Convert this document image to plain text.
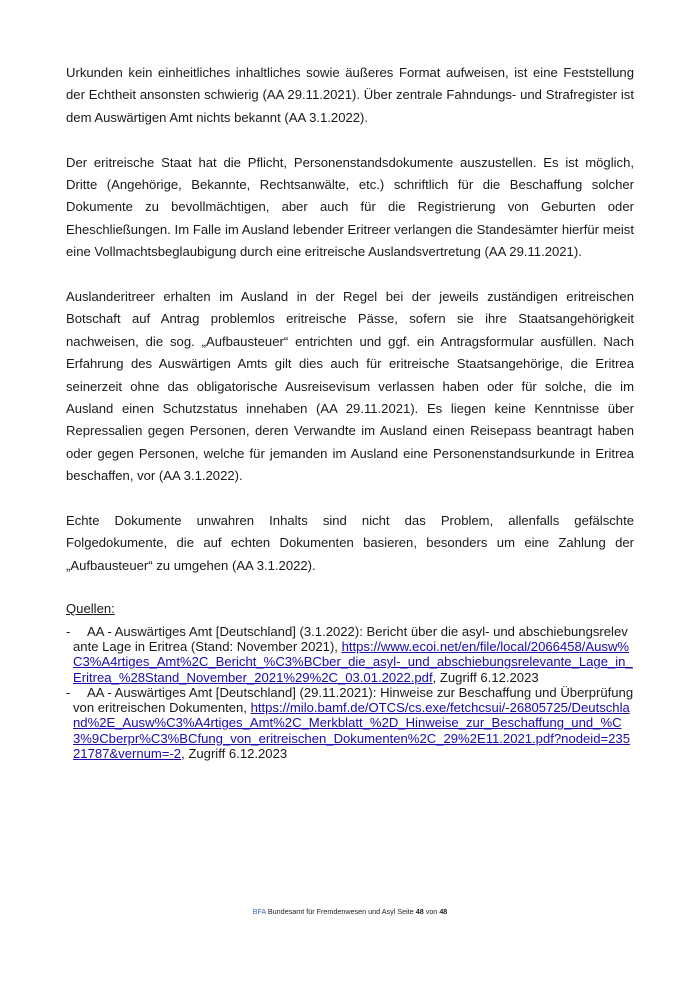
Urkunden kein einheitliches inhaltliches sowie äußeres Format aufweisen, ist eine Feststellung der Echtheit ansonsten schwierig (AA 29.11.2021). Über zentrale Fahndungs- und Strafregister ist dem Auswärtigen Amt nichts bekannt (AA 3.1.2022).

Der eritreische Staat hat die Pflicht, Personenstandsdokumente auszustellen. Es ist möglich, Dritte (Angehörige, Bekannte, Rechtsanwälte, etc.) schriftlich für die Beschaffung solcher Dokumente zu bevollmächtigen, aber auch für die Registrierung von Geburten oder Eheschließungen. Im Falle im Ausland lebender Eritreer verlangen die Standesämter hierfür meist eine Vollmachtsbeglaubigung durch eine eritreische Auslandsvertretung (AA 29.11.2021).

Auslanderitreer erhalten im Ausland in der Regel bei der jeweils zuständigen eritreischen Botschaft auf Antrag problemlos eritreische Pässe, sofern sie ihre Staatsangehörigkeit nachweisen, die sog. „Aufbausteuer“ entrichten und ggf. ein Antragsformular ausfüllen. Nach Erfahrung des Auswärtigen Amts gilt dies auch für eritreische Staatsangehörige, die Eritrea seinerzeit ohne das obligatorische Ausreisevisum verlassen haben oder für solche, die im Ausland einen Schutzstatus innehaben (AA 29.11.2021). Es liegen keine Kenntnisse über Repressalien gegen Personen, deren Verwandte im Ausland einen Reisepass beantragt haben oder gegen Personen, welche für jemanden im Ausland eine Personenstandsurkunde in Eritrea beschaffen, vor (AA 3.1.2022).

Echte Dokumente unwahren Inhalts sind nicht das Problem, allenfalls gefälschte Folgedokumente, die auf echten Dokumenten basieren, besonders um eine Zahlung der „Aufbausteuer“ zu umgehen (AA 3.1.2022).

Quellen:
- AA - Auswärtiges Amt [Deutschland] (3.1.2022): Bericht über die asyl- und abschiebungsrelevante Lage in Eritrea (Stand: November 2021), https://www.ecoi.net/en/file/local/2066458/Ausw%C3%A4rtiges_Amt%2C_Bericht_%C3%BCber_die_asyl-_und_abschiebungsrelevante_Lage_in_Eritrea_%28Stand_November_2021%29%2C_03.01.2022.pdf, Zugriff 6.12.2023
- AA - Auswärtiges Amt [Deutschland] (29.11.2021): Hinweise zur Beschaffung und Überprüfung von eritreischen Dokumenten, https://milo.bamf.de/OTCS/cs.exe/fetchcsui/-26805725/Deutschland%2E_Ausw%C3%A4rtiges_Amt%2C_Merkblatt_%2D_Hinweise_zur_Beschaffung_und_%C3%9Cberpr%C3%BCfung_von_eritreischen_Dokumenten%2C_29%2E11.2021.pdf?nodeid=23521787&vernum=-2, Zugriff 6.12.2023
BFA Bundesamt für Fremdenwesen und Asyl Seite 48 von 48
